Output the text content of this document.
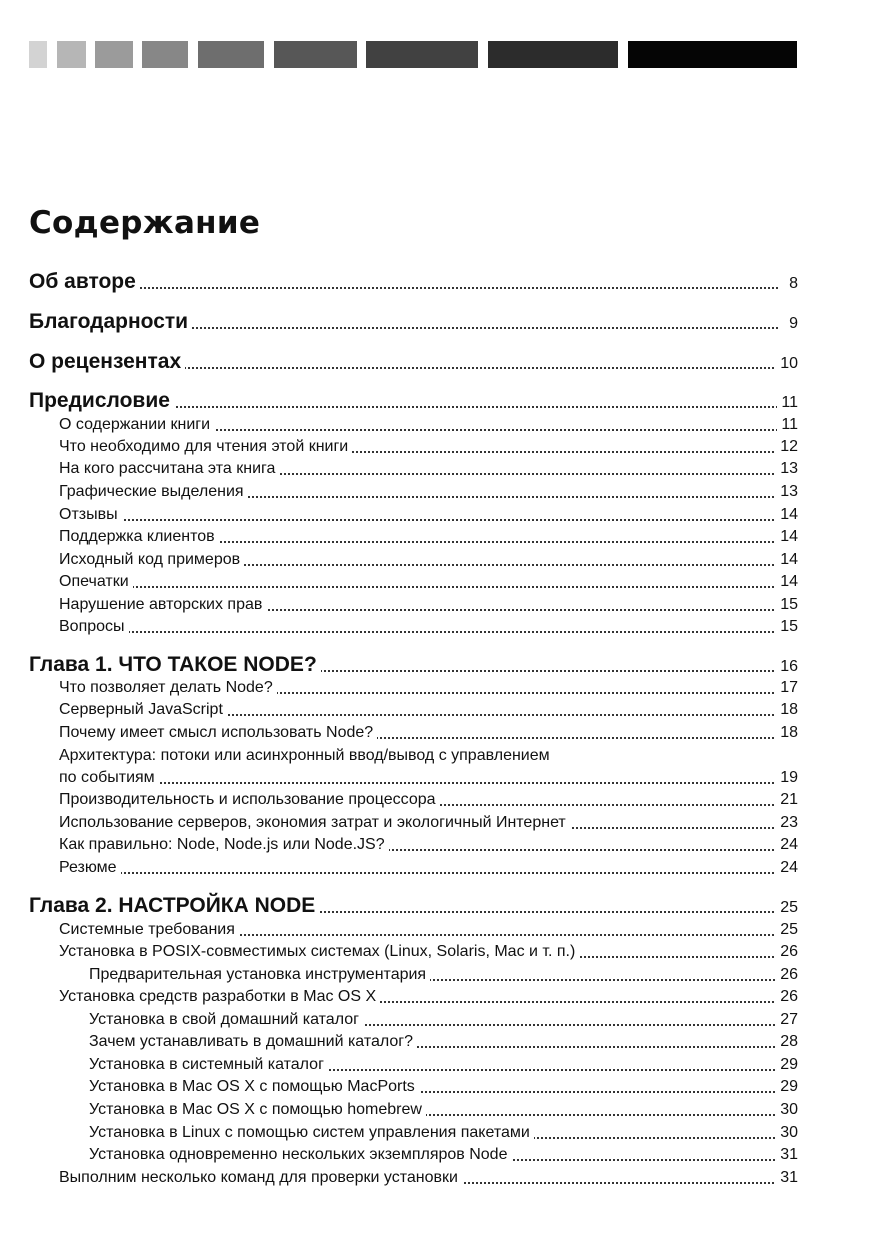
Содержание
Об авторе	8
Благодарности	9
О рецензентах	10
Предисловие	11
О содержании книги	11
Что необходимо для чтения этой книги	12
На кого рассчитана эта книга	13
Графические выделения	13
Отзывы	14
Поддержка клиентов	14
Исходный код примеров	14
Опечатки	14
Нарушение авторских прав	15
Вопросы	15
Глава 1. ЧТО ТАКОЕ NODE?	16
Что позволяет делать Node?	17
Серверный JavaScript	18
Почему имеет смысл использовать Node?	18
Архитектура: потоки или асинхронный ввод/вывод с управлением
по событиям	19
Производительность и использование процессора	21
Использование серверов, экономия затрат и экологичный Интернет	23
Как правильно: Node, Node.js или Node.JS?	24
Резюме	24
Глава 2. НАСТРОЙКА NODE	25
Системные требования	25
Установка в POSIX-совместимых системах (Linux, Solaris, Mac и т. п.)	26
Предварительная установка инструментария	26
Установка средств разработки в Mac OS X	26
Установка в свой домашний каталог	27
Зачем устанавливать в домашний каталог?	28
Установка в системный каталог	29
Установка в Mac OS X с помощью MacPorts	29
Установка в Mac OS X с помощью homebrew	30
Установка в Linux с помощью систем управления пакетами	30
Установка одновременно нескольких экземпляров Node	31
Выполним несколько команд для проверки установки	31
